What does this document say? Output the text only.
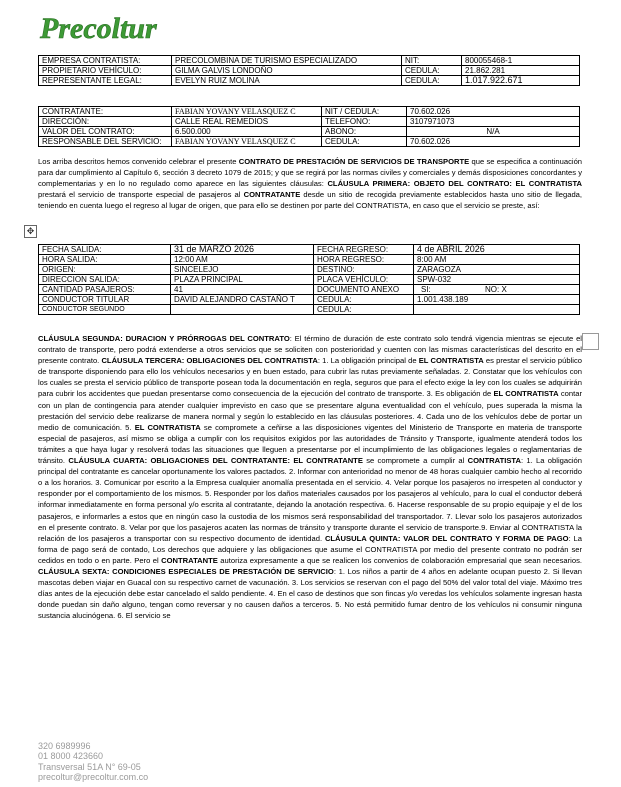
Precoltur
EMPRESA CONTRATISTA:	PRECOLOMBINA DE TURISMO ESPECIALIZADO	NIT:	800055468-1
PROPIETARIO VEHÍCULO:	GILMA GALVIS LONDOÑO	CEDULA:	21.862.281
REPRESENTANTE LEGAL:	EVELYN RUIZ MOLINA	CEDULA:	1.017.922.671
CONTRATANTE:	FABIAN YOVANY VELASQUEZ C	NIT / CEDULA:	70.602.026
DIRECCIÓN:	CALLE REAL REMEDIOS	TELEFONO:	3107971073
VALOR DEL CONTRATO:	6.500.000	ABONO:	N/A
RESPONSABLE DEL SERVICIO:	FABIAN YOVANY VELASQUEZ C	CEDULA:	70.602.026

Los arriba descritos hemos convenido celebrar el presente CONTRATO DE PRESTACIÓN DE SERVICIOS DE TRANSPORTE que se especifica a continuación para dar cumplimiento al Capítulo 6, sección 3 decreto 1079 de 2015; y que se regirá por las normas civiles y comerciales y demás disposiciones concordantes y complementarias y en lo no regulado como aparece en las siguientes cláusulas: CLÁUSULA PRIMERA: OBJETO DEL CONTRATO: EL CONTRATISTA prestará el servicio de transporte especial de pasajeros al CONTRATANTE desde un sitio de recogida previamente establecidos hasta uno sitio de llegada, teniendo en cuenta luego el regreso al lugar de origen, que para ello se destinen por parte del CONTRATISTA, en caso que el servicio se preste, así:

✥
FECHA SALIDA:	31 de MARZO 2026	FECHA REGRESO:	4 de ABRIL 2026
HORA SALIDA:	12:00 AM	HORA REGRESO:	8:00 AM
ORIGEN:	SINCELEJO	DESTINO:	ZARAGOZA
DIRECCION SALIDA:	PLAZA PRINCIPAL	PLACA VEHÍCULO:	SPW-032
CANTIDAD PASAJEROS:	41	DOCUMENTO ANEXO	SI: NO: X
CONDUCTOR TITULAR	DAVID ALEJANDRO CASTAÑO T	CEDULA:	1.001.438.189
CONDUCTOR SEGUNDO		CEDULA:	

CLÁUSULA SEGUNDA: DURACION Y PRÓRROGAS DEL CONTRATO: El término de duración de este contrato solo tendrá vigencia mientras se ejecute el contrato de transporte, pero podrá extenderse a otros servicios que se soliciten con posterioridad y cuenten con las mismas características del descrito en el presente contrato. CLÁUSULA TERCERA: OBLIGACIONES DEL CONTRATISTA: 1. La obligación principal de EL CONTRATISTA es prestar el servicio público de transporte disponiendo para ello los vehículos necesarios y en buen estado, para cubrir las rutas previamente señaladas. 2. Constatar que los vehículos con los cuales se presta el servicio público de transporte posean toda la documentación en regla, seguros que para el efecto exige la ley con los cuales se adquirirán para cubrir los accidentes que puedan presentarse como consecuencia de la ejecución del contrato de transporte. 3. Es obligación de EL CONTRATISTA contar con un plan de contingencia para atender cualquier imprevisto en caso que se presentare alguna eventualidad con el vehículo, pues superada la misma la prestación del servicio debe realizarse de manera normal y según lo establecido en las cláusulas posteriores. 4. Cada uno de los vehículos debe de portar un medio de comunicación. 5. EL CONTRATISTA se compromete a ceñirse a las disposiciones vigentes del Ministerio de Transporte en materia de transporte especial de pasajeros, así mismo se obliga a cumplir con los requisitos exigidos por las autoridades de Tránsito y Transporte, igualmente atenderá todos los trámites a que haya lugar y resolverá todas las situaciones que lleguen a presentarse por el incumplimiento de las obligaciones legales o reglamentarias de tránsito. CLÁUSULA CUARTA: OBLIGACIONES DEL CONTRATANTE: EL CONTRATANTE se compromete a cumplir al CONTRATISTA: 1. La obligación principal del contratante es cancelar oportunamente los valores pactados. 2. Informar con anterioridad no menor de 48 horas cualquier cambio hecho al recorrido o a los horarios. 3. Comunicar por escrito a la Empresa cualquier anomalía presentada en el servicio. 4. Velar porque los pasajeros no irrespeten al conductor y responder por el comportamiento de los mismos. 5. Responder por los daños materiales causados por los pasajeros al vehículo, para lo cual el conductor deberá informar inmediatamente en forma personal y/o escrita al contratante, dejando la anotación respectiva. 6. Hacerse responsable de su propio equipaje y el de los pasajeros, e informarles a estos que en ningún caso la custodia de los mismos será responsabilidad del transportador. 7. Llevar solo los pasajeros autorizados en el presente contrato. 8. Velar por que los pasajeros acaten las normas de tránsito y transporte durante el servicio de transporte.9. Enviar al CONTRATISTA la relación de los pasajeros a transportar con su respectivo documento de identidad. CLÁUSULA QUINTA: VALOR DEL CONTRATO Y FORMA DE PAGO: La forma de pago será de contado, Los derechos que adquiere y las obligaciones que asume el CONTRATISTA por medio del presente contrato no podrán ser cedidos en todo o en parte. Pero el CONTRATANTE autoriza expresamente a que se realicen los convenios de colaboración empresarial que sean necesarios. CLÁUSULA SEXTA: CONDICIONES ESPECIALES DE PRESTACIÓN DE SERVICIO: 1. Los niños a partir de 4 años en adelante ocupan puesto 2. Si llevan mascotas deben viajar en Guacal con su respectivo carnet de vacunación. 3. Los servicios se reservan con el pago del 50% del valor total del viaje. Máximo tres días antes de la ejecución debe estar cancelado el saldo pendiente. 4. En el caso de destinos que son fincas y/o veredas los vehículos solamente ingresan hasta donde puedan sin daño alguno, tengan como reversar y no causen daños a terceros. 5. No está permitido fumar dentro de los vehículos ni consumir ninguna sustancia alucinógena. 6. El servicio se

320 6989996
01 8000 423660
Transversal 51A N° 69-05
precoltur@precoltur.com.co
